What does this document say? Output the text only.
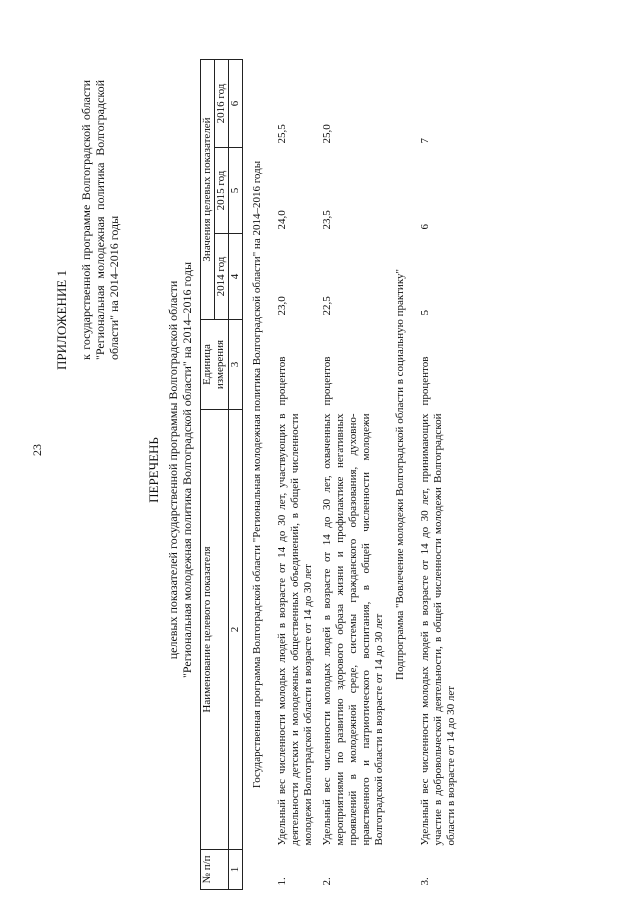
23
ПРИЛОЖЕНИЕ 1 к государственной программе Волгоградской области "Региональная молодежная политика Волгоградской области" на 2014–2016 годы
ПЕРЕЧЕНЬ целевых показателей государственной программы Волгоградской области "Региональная молодежная политика Волгоградской области" на 2014–2016 годы
№ п/п	Наименование целевого показателя	Единица измерения	Значения целевых показателей		
			2014 год	2015 год	2016 год
1	2	3	4	5	6
Государственная программа Волгоградской области "Региональная молодежная политика Волгоградской области" на 2014–2016 годы					
1.	Удельный вес численности молодых людей в возрасте от 14 до 30 лет, участвующих в деятельности детских и молодежных общественных объединений, в общей численности молодежи Волгоградской области в возрасте от 14 до 30 лет	процентов	23,0	24,0	25,5
2.	Удельный вес численности молодых людей в возрасте от 14 до 30 лет, охваченных мероприятиями по развитию здорового образа жизни и профилактике негативных проявлений в молодежной среде, системы гражданского образования, духовно-нравственного и патриотического воспитания, в общей численности молодежи Волгоградской области в возрасте от 14 до 30 лет	процентов	22,5	23,5	25,0
Подпрограмма "Вовлечение молодежи Волгоградской области в социальную практику"					
3.	Удельный вес численности молодых людей в возрасте от 14 до 30 лет, принимающих участие в добровольческой деятельности, в общей численности молодежи Волгоградской области в возрасте от 14 до 30 лет	процентов	5	6	7
